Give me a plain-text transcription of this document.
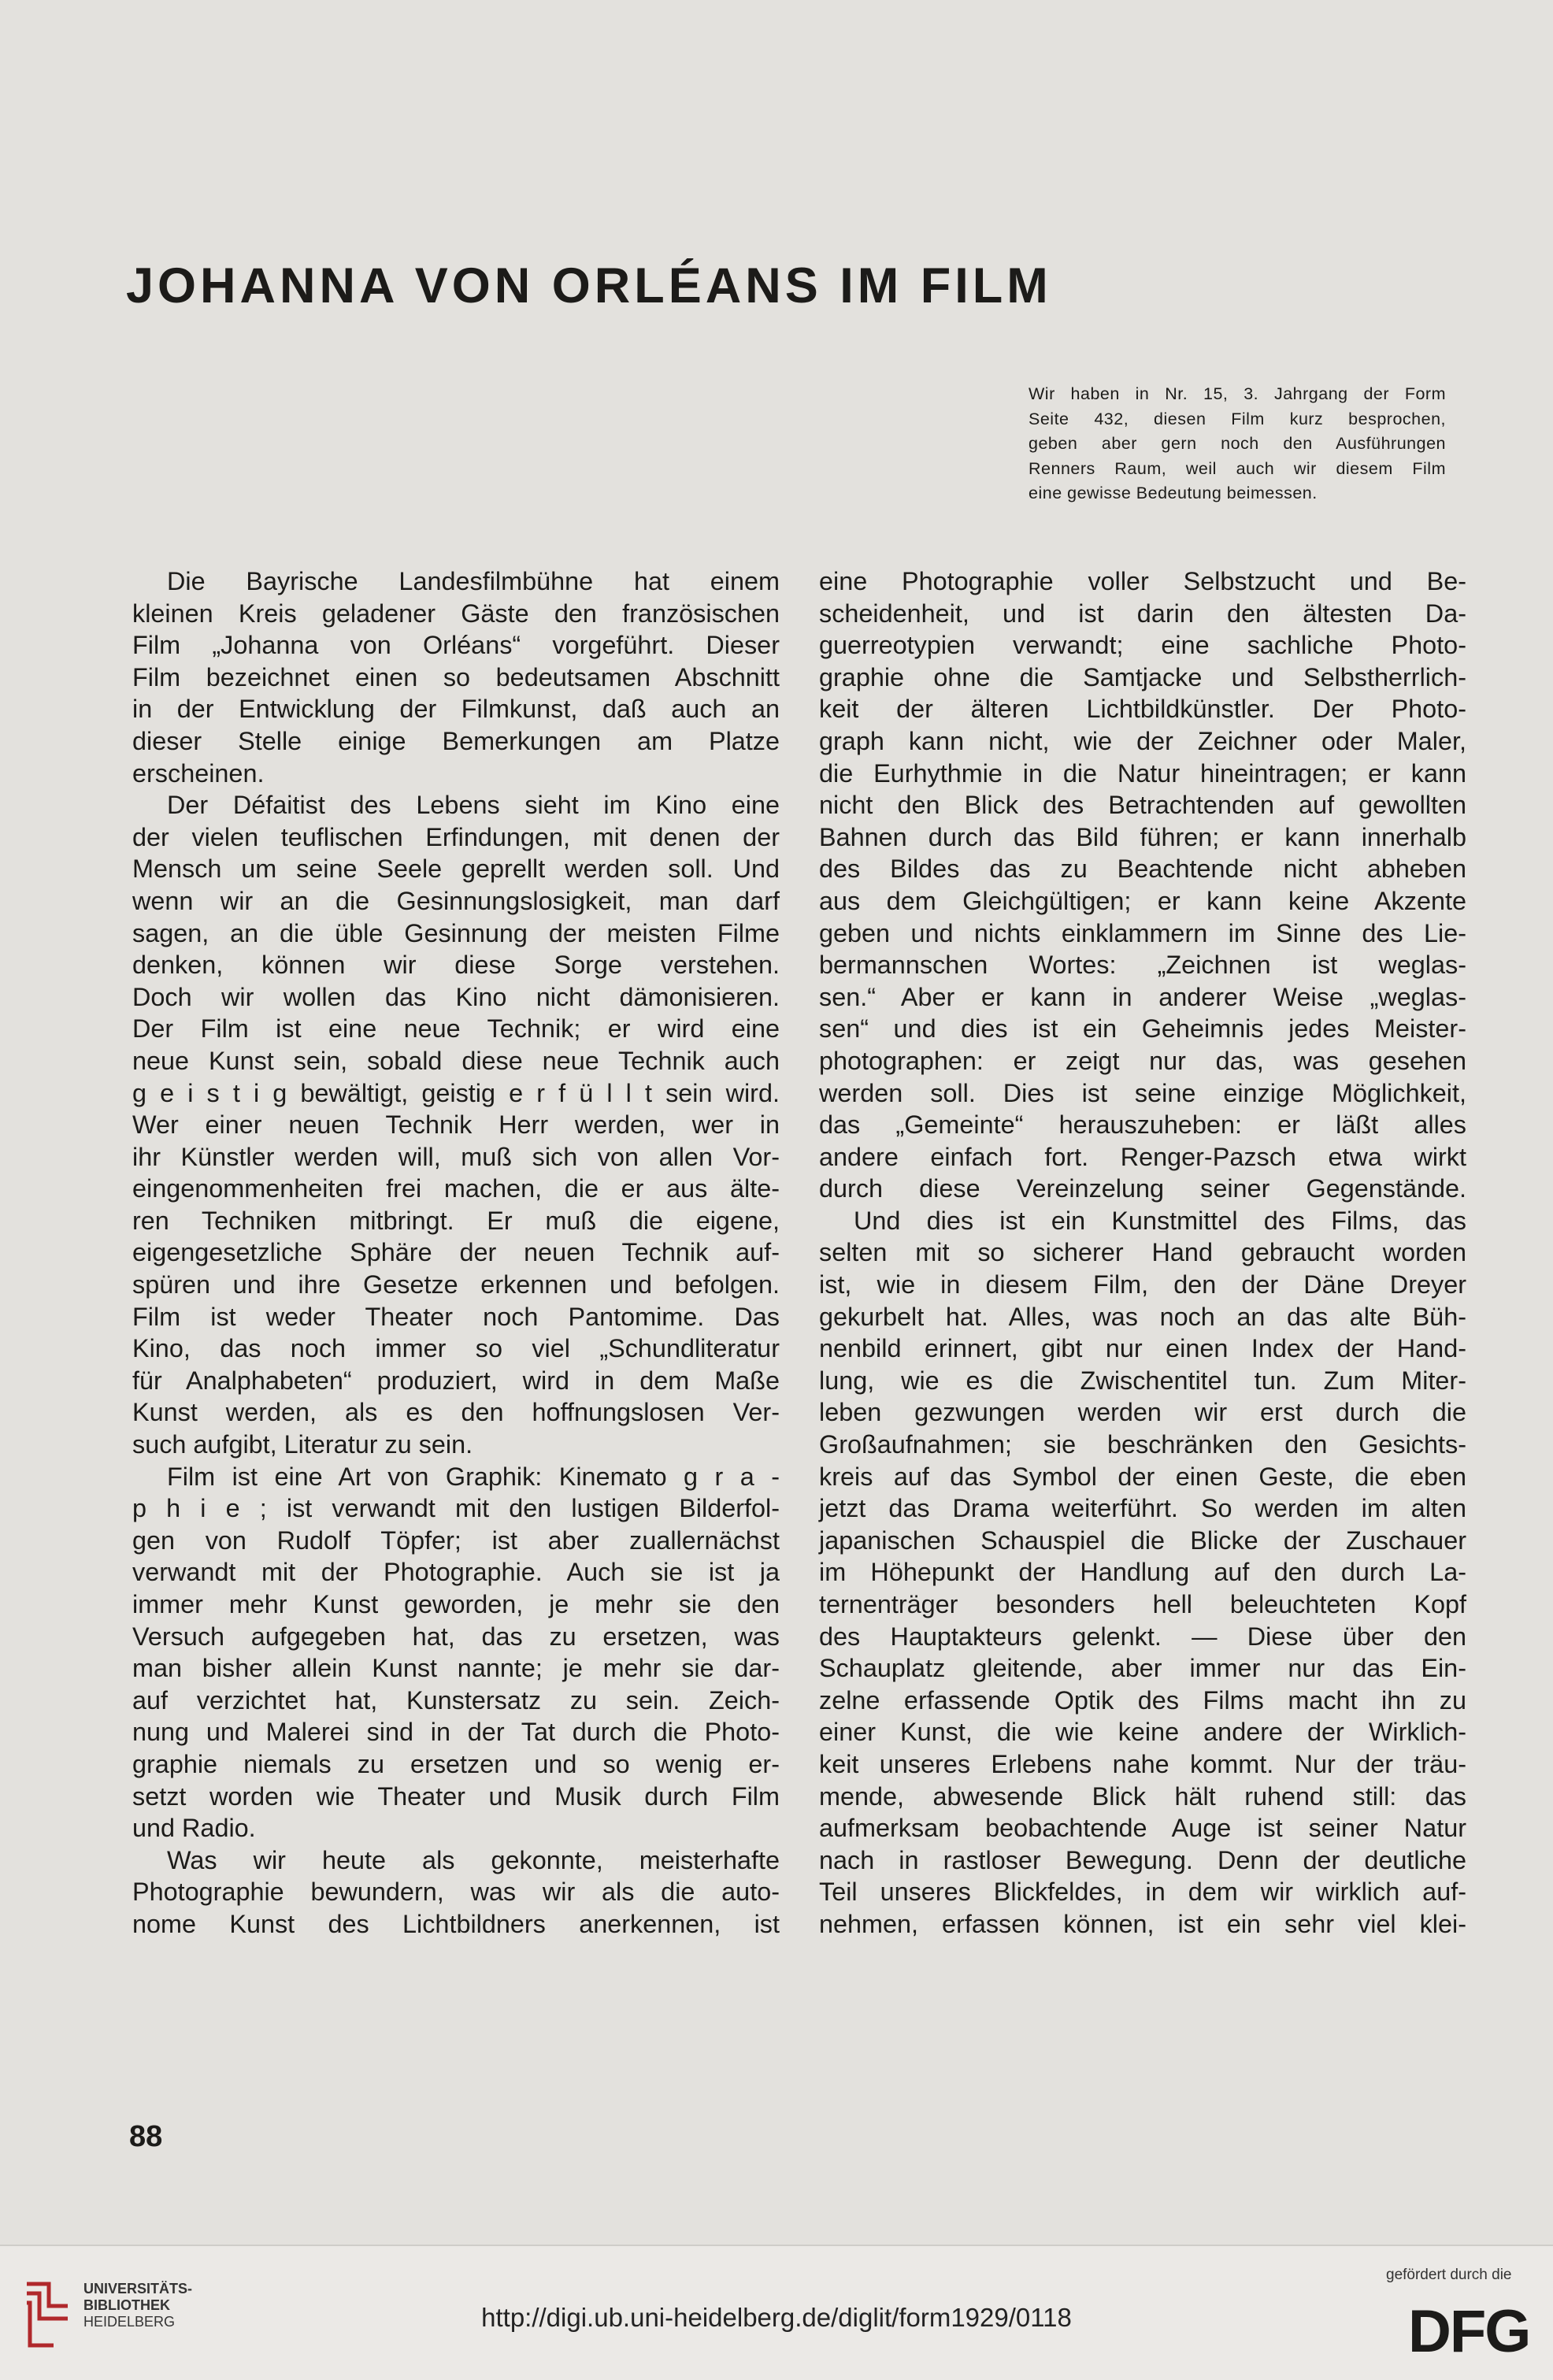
JOHANNA VON ORLÉANS IM FILM

Wir haben in Nr. 15, 3. Jahrgang der Form
Seite 432, diesen Film kurz besprochen,
geben aber gern noch den Ausführungen
Renners Raum, weil auch wir diesem Film
eine gewisse Bedeutung beimessen.

Die Bayrische Landesfilmbühne hat einem
kleinen Kreis geladener Gäste den französischen
Film „Johanna von Orléans“ vorgeführt. Dieser
Film bezeichnet einen so bedeutsamen Abschnitt
in der Entwicklung der Filmkunst, daß auch an
dieser Stelle einige Bemerkungen am Platze
erscheinen.
Der Défaitist des Lebens sieht im Kino eine
der vielen teuflischen Erfindungen, mit denen der
Mensch um seine Seele geprellt werden soll. Und
wenn wir an die Gesinnungslosigkeit, man darf
sagen, an die üble Gesinnung der meisten Filme
denken, können wir diese Sorge verstehen.
Doch wir wollen das Kino nicht dämonisieren.
Der Film ist eine neue Technik; er wird eine
neue Kunst sein, sobald diese neue Technik auch
g e i s t i g bewältigt, geistig e r f ü l l t sein wird.
Wer einer neuen Technik Herr werden, wer in
ihr Künstler werden will, muß sich von allen Vor-
eingenommenheiten frei machen, die er aus älte-
ren Techniken mitbringt. Er muß die eigene,
eigengesetzliche Sphäre der neuen Technik auf-
spüren und ihre Gesetze erkennen und befolgen.
Film ist weder Theater noch Pantomime. Das
Kino, das noch immer so viel „Schundliteratur
für Analphabeten“ produziert, wird in dem Maße
Kunst werden, als es den hoffnungslosen Ver-
such aufgibt, Literatur zu sein.
Film ist eine Art von Graphik: Kinemato g r a -
p h i e ; ist verwandt mit den lustigen Bilderfol-
gen von Rudolf Töpfer; ist aber zuallernächst
verwandt mit der Photographie. Auch sie ist ja
immer mehr Kunst geworden, je mehr sie den
Versuch aufgegeben hat, das zu ersetzen, was
man bisher allein Kunst nannte; je mehr sie dar-
auf verzichtet hat, Kunstersatz zu sein. Zeich-
nung und Malerei sind in der Tat durch die Photo-
graphie niemals zu ersetzen und so wenig er-
setzt worden wie Theater und Musik durch Film
und Radio.
Was wir heute als gekonnte, meisterhafte
Photographie bewundern, was wir als die auto-
nome Kunst des Lichtbildners anerkennen, ist
eine Photographie voller Selbstzucht und Be-
scheidenheit, und ist darin den ältesten Da-
guerreotypien verwandt; eine sachliche Photo-
graphie ohne die Samtjacke und Selbstherrlich-
keit der älteren Lichtbildkünstler. Der Photo-
graph kann nicht, wie der Zeichner oder Maler,
die Eurhythmie in die Natur hineintragen; er kann
nicht den Blick des Betrachtenden auf gewollten
Bahnen durch das Bild führen; er kann innerhalb
des Bildes das zu Beachtende nicht abheben
aus dem Gleichgültigen; er kann keine Akzente
geben und nichts einklammern im Sinne des Lie-
bermannschen Wortes: „Zeichnen ist weglas-
sen.“ Aber er kann in anderer Weise „weglas-
sen“ und dies ist ein Geheimnis jedes Meister-
photographen: er zeigt nur das, was gesehen
werden soll. Dies ist seine einzige Möglichkeit,
das „Gemeinte“ herauszuheben: er läßt alles
andere einfach fort. Renger-Pazsch etwa wirkt
durch diese Vereinzelung seiner Gegenstände.
Und dies ist ein Kunstmittel des Films, das
selten mit so sicherer Hand gebraucht worden
ist, wie in diesem Film, den der Däne Dreyer
gekurbelt hat. Alles, was noch an das alte Büh-
nenbild erinnert, gibt nur einen Index der Hand-
lung, wie es die Zwischentitel tun. Zum Miter-
leben gezwungen werden wir erst durch die
Großaufnahmen; sie beschränken den Gesichts-
kreis auf das Symbol der einen Geste, die eben
jetzt das Drama weiterführt. So werden im alten
japanischen Schauspiel die Blicke der Zuschauer
im Höhepunkt der Handlung auf den durch La-
ternenträger besonders hell beleuchteten Kopf
des Hauptakteurs gelenkt. — Diese über den
Schauplatz gleitende, aber immer nur das Ein-
zelne erfassende Optik des Films macht ihn zu
einer Kunst, die wie keine andere der Wirklich-
keit unseres Erlebens nahe kommt. Nur der träu-
mende, abwesende Blick hält ruhend still: das
aufmerksam beobachtende Auge ist seiner Natur
nach in rastloser Bewegung. Denn der deutliche
Teil unseres Blickfeldes, in dem wir wirklich auf-
nehmen, erfassen können, ist ein sehr viel klei-

88

UNIVERSITÄTS-
BIBLIOTHEK
HEIDELBERG	http://digi.ub.uni-heidelberg.de/diglit/form1929/0118
gefördert durch die
DFG
